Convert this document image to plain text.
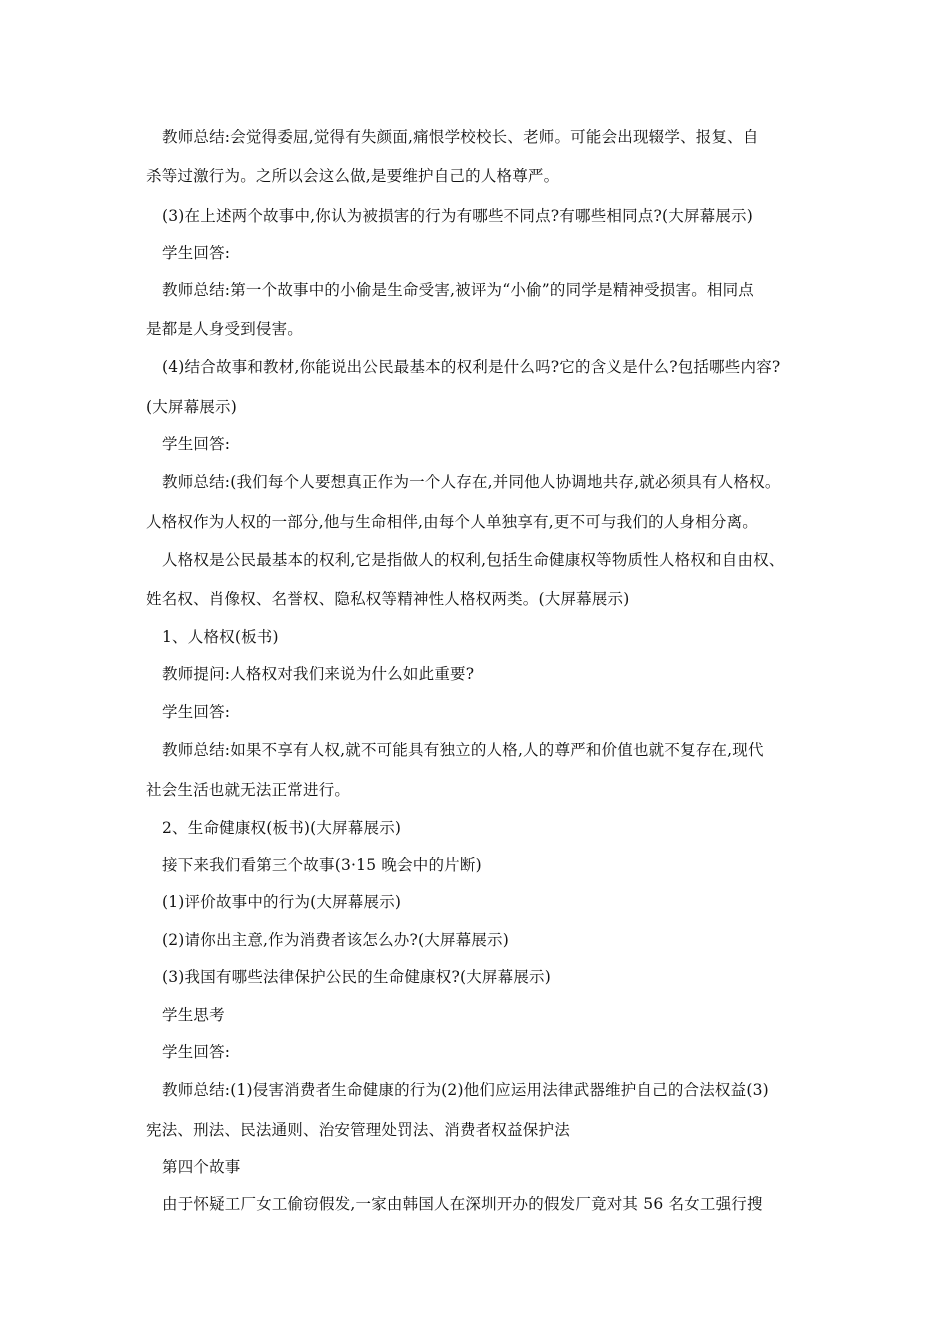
教师总结:会觉得委屈,觉得有失颜面,痛恨学校校长、老师。可能会出现辍学、报复、自
杀等过激行为。之所以会这么做,是要维护自己的人格尊严。
(3)在上述两个故事中,你认为被损害的行为有哪些不同点?有哪些相同点?(大屏幕展示)
学生回答:
教师总结:第一个故事中的小偷是生命受害,被评为“小偷”的同学是精神受损害。相同点
是都是人身受到侵害。
(4)结合故事和教材,你能说出公民最基本的权利是什么吗?它的含义是什么?包括哪些内容?
(大屏幕展示)
学生回答:
教师总结:(我们每个人要想真正作为一个人存在,并同他人协调地共存,就必须具有人格权。
人格权作为人权的一部分,他与生命相伴,由每个人单独享有,更不可与我们的人身相分离。
人格权是公民最基本的权利,它是指做人的权利,包括生命健康权等物质性人格权和自由权、
姓名权、肖像权、名誉权、隐私权等精神性人格权两类。(大屏幕展示)
1、人格权(板书)
教师提问:人格权对我们来说为什么如此重要?
学生回答:
教师总结:如果不享有人权,就不可能具有独立的人格,人的尊严和价值也就不复存在,现代
社会生活也就无法正常进行。
2、生命健康权(板书)(大屏幕展示)
接下来我们看第三个故事(3·15 晚会中的片断)
(1)评价故事中的行为(大屏幕展示)
(2)请你出主意,作为消费者该怎么办?(大屏幕展示)
(3)我国有哪些法律保护公民的生命健康权?(大屏幕展示)
学生思考
学生回答:
教师总结:(1)侵害消费者生命健康的行为(2)他们应运用法律武器维护自己的合法权益(3)
宪法、刑法、民法通则、治安管理处罚法、消费者权益保护法
第四个故事
由于怀疑工厂女工偷窃假发,一家由韩国人在深圳开办的假发厂竟对其 56 名女工强行搜
